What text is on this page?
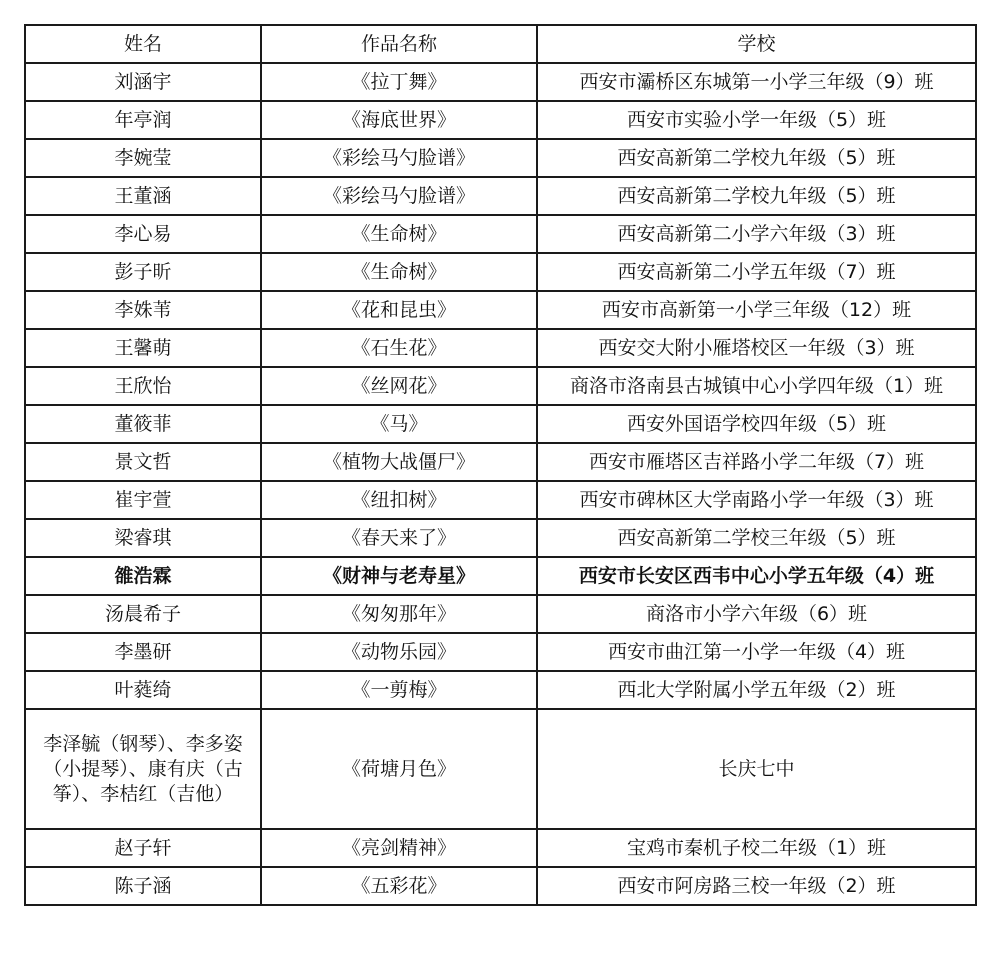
姓名	作品名称	学校
刘涵宇	《拉丁舞》	西安市灞桥区东城第一小学三年级（9）班
年亭润	《海底世界》	西安市实验小学一年级（5）班
李婉莹	《彩绘马勺脸谱》	西安高新第二学校九年级（5）班
王董涵	《彩绘马勺脸谱》	西安高新第二学校九年级（5）班
李心易	《生命树》	西安高新第二小学六年级（3）班
彭子昕	《生命树》	西安高新第二小学五年级（7）班
李姝苇	《花和昆虫》	西安市高新第一小学三年级（12）班
王馨萌	《石生花》	西安交大附小雁塔校区一年级（3）班
王欣怡	《丝网花》	商洛市洛南县古城镇中心小学四年级（1）班
董筱菲	《马》	西安外国语学校四年级（5）班
景文哲	《植物大战僵尸》	西安市雁塔区吉祥路小学二年级（7）班
崔宇萱	《纽扣树》	西安市碑林区大学南路小学一年级（3）班
梁睿琪	《春天来了》	西安高新第二学校三年级（5）班
雒浩霖	《财神与老寿星》	西安市长安区西韦中心小学五年级（4）班
汤晨希子	《匆匆那年》	商洛市小学六年级（6）班
李墨研	《动物乐园》	西安市曲江第一小学一年级（4）班
叶蕤绮	《一剪梅》	西北大学附属小学五年级（2）班
李泽毓（钢琴）、李多姿（小提琴）、康有庆（古筝）、李桔红（吉他）	《荷塘月色》	长庆七中
赵子轩	《亮剑精神》	宝鸡市秦机子校二年级（1）班
陈子涵	《五彩花》	西安市阿房路三校一年级（2）班
